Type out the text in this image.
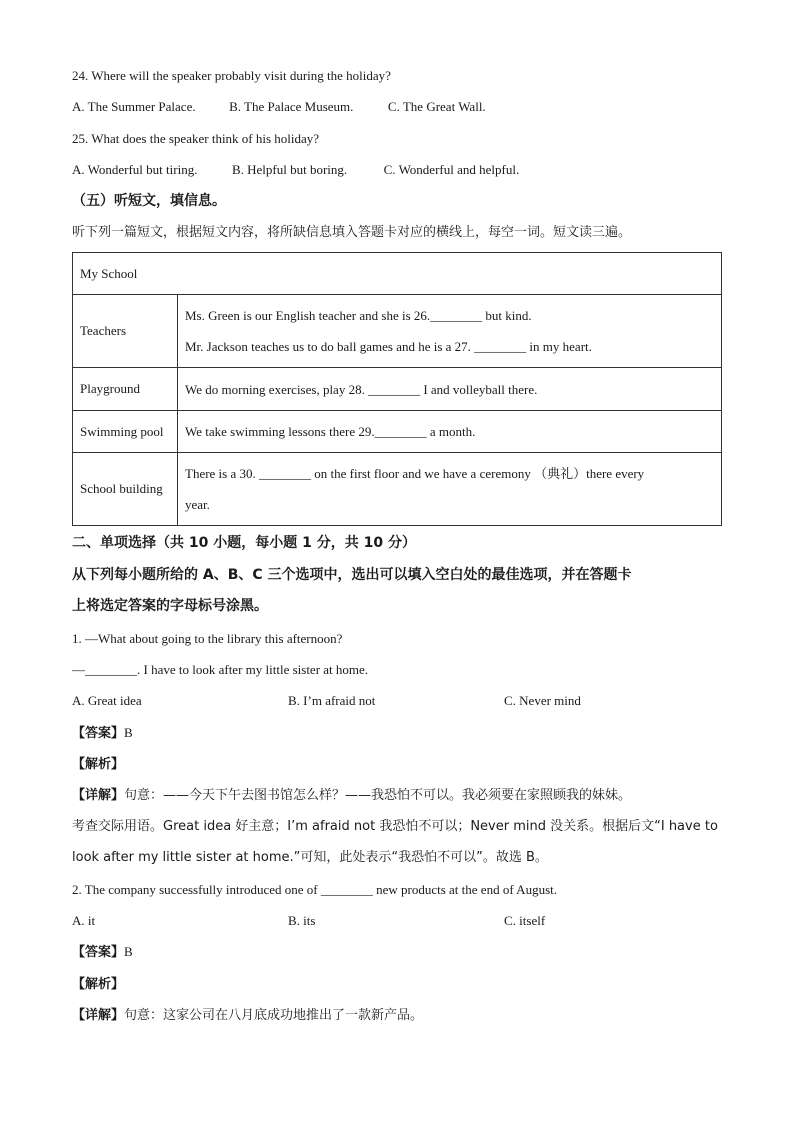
24. Where will the speaker probably visit during the holiday?
A. The Summer Palace.	B. The Palace Museum.	C. The Great Wall.
25. What does the speaker think of his holiday?
A. Wonderful but tiring.	B. Helpful but boring.	C. Wonderful and helpful.
（五）听短文，填信息。
听下列一篇短文，根据短文内容，将所缺信息填入答题卡对应的横线上，每空一词。短文读三遍。
My School	
Teachers	Ms. Green is our English teacher and she is 26.________ but kind.
Mr. Jackson teaches us to do ball games and he is a 27. ________ in my heart.

Playground	We do morning exercises, play 28. ________ I and volleyball there.

Swimming pool	We take swimming lessons there 29.________ a month.

School building	There is a 30. ________ on the first floor and we have a ceremony （典礼）there every
year.
二、单项选择（共 10 小题，每小题 1 分，共 10 分）
从下列每小题所给的 A、B、C 三个选项中，选出可以填入空白处的最佳选项，并在答题卡
上将选定答案的字母标号涂黑。
1. —What about going to the library this afternoon?
—________. I have to look after my little sister at home.
A. Great idea	B. I’m afraid not	C. Never mind
【答案】B
【解析】
【详解】句意：——今天下午去图书馆怎么样？——我恐怕不可以。我必须要在家照顾我的妹妹。
考查交际用语。Great idea 好主意；I’m afraid not 我恐怕不可以；Never mind 没关系。根据后文“I have to
look after my little sister at home.”可知，此处表示“我恐怕不可以”。故选 B。
2. The company successfully introduced one of ________ new products at the end of August.
A. it	B. its	C. itself
【答案】B
【解析】
【详解】句意：这家公司在八月底成功地推出了一款新产品。
